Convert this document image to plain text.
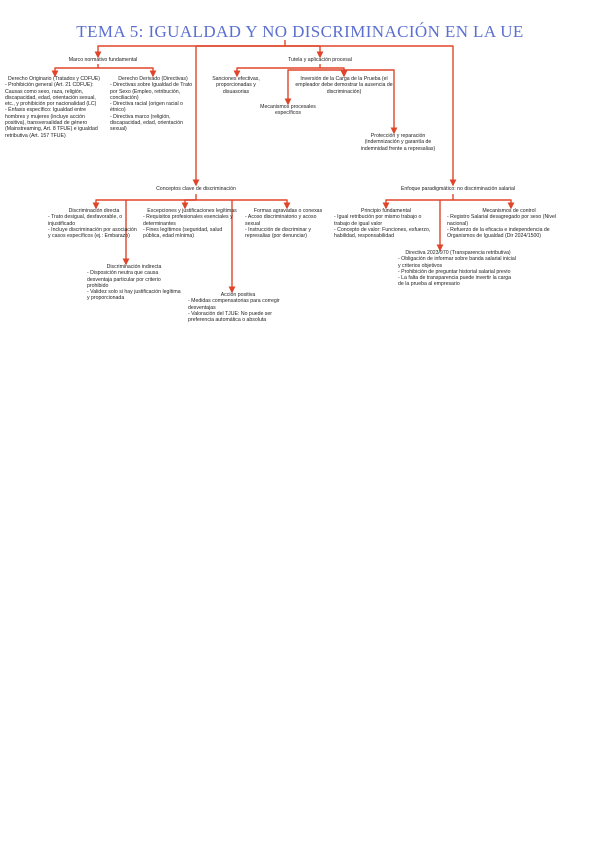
TEMA 5: IGUALDAD Y NO DISCRIMINACIÓN EN LA UE
Marco normativo fundamental
Derecho Originario (Tratados y CDFUE)
- Prohibición general (Art. 21 CDFUE): Causas como sexo, raza, religión, discapacidad, edad, orientación sexual, etc., y prohibición por nacionalidad (LC)
- Énfasis específico: Igualdad entre hombres y mujeres (incluye acción positiva), transversalidad de género (Mainstreaming, Art. 8 TFUE) e igualdad retributiva (Art. 157 TFUE)
Derecho Derivado (Directivas)
- Directivas sobre Igualdad de Trato por Sexo (Empleo, retribución, conciliación)
- Directiva racial (origen racial o étnico)
- Directiva marco (religión, discapacidad, edad, orientación sexual)
Tutela y aplicación procesal
Sanciones efectivas, proporcionadas y disuasorias
Inversión de la Carga de la Prueba (el empleador debe demostrar la ausencia de discriminación)
Mecanismos procesales específicos
Protección y reparación (indemnización y garantía de indemnidad frente a represalias)
Conceptos clave de discriminación
Discriminación directa
- Trato desigual, desfavorable, o injustificado
- Incluye discriminación por asociación y casos específicos (ej.: Embarazo)
Excepciones y justificaciones legítimas
- Requisitos profesionales esenciales y determinantes
- Fines legítimos (seguridad, salud pública, edad mínima)
Formas agravadas o conexas
- Acoso discriminatorio y acoso sexual
- Instrucción de discriminar y represalias (por denunciar)
Discriminación indirecta
- Disposición neutra que causa desventaja particular por criterio prohibido
- Validez solo si hay justificación legítima y proporcionada
Acción positiva
- Medidas compensatorias para corregir desventajas
- Valoración del TJUE: No puede ser preferencia automática o absoluta
Enfoque paradigmático: no discriminación salarial
Principio fundamental
- Igual retribución por mismo trabajo o trabajo de igual valor
- Concepto de valor: Funciones, esfuerzo, habilidad, responsabilidad
Mecanismos de control
- Registro Salarial desagregado por sexo (Nivel nacional)
- Refuerzo de la eficacia e independencia de Organismos de Igualdad (Dir 2024/1500)
Directiva 2023/970 (Transparencia retributiva)
- Obligación de informar sobre banda salarial inicial y criterios objetivos
- Prohibición de preguntar historial salarial previo
- La falta de transparencia puede invertir la carga de la prueba al empresario
